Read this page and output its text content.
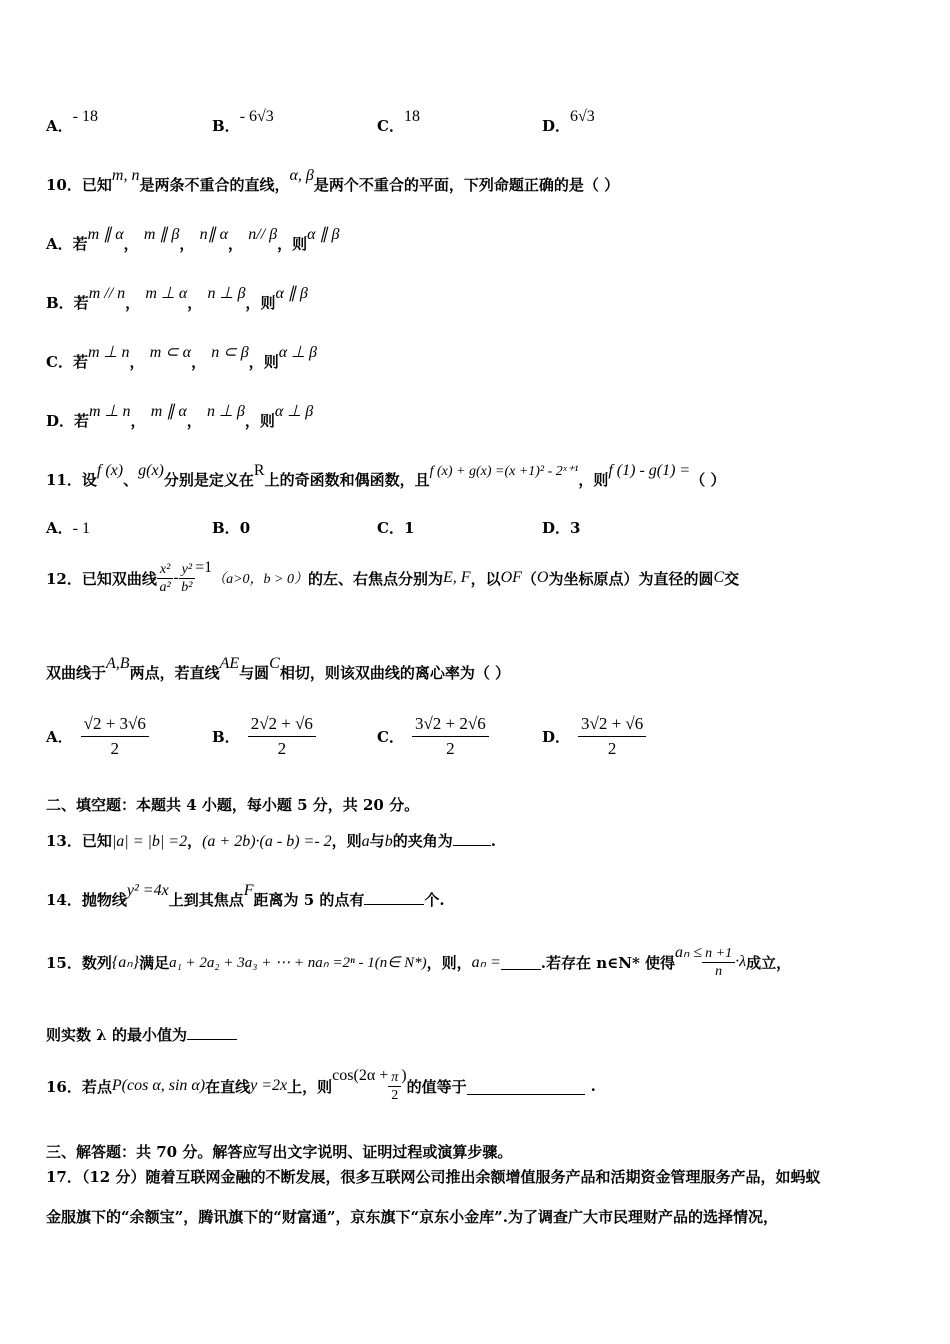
A．- 18
B．- 6√3
C．18
D．6√3
10．已知m, n是两条不重合的直线，α, β是两个不重合的平面，下列命题正确的是（ ）
A．若m ∥ α， m ∥ β， n∥ α， n// β，则α ∥ β
B．若m // n， m ⊥ α， n ⊥ β，则α ∥ β
C．若m ⊥ n， m ⊂ α， n ⊂ β，则α ⊥ β
D．若m ⊥ n， m ∥ α， n ⊥ β，则α ⊥ β
11．设f (x)、g(x)分别是定义在R上的奇函数和偶函数，且f (x) + g(x) =(x +1)² - 2ˣ⁺¹，则f (1) - g(1) =（ ）
A．- 1	B．0	C．1	D．3
12． 已知双曲线 $\frac{\text{x²}}{\text{a²}} - \frac{\text{y²}}{\text{b²}} =1$
（a>0，b > 0） 的左、右焦点分别为 E, F ，以 OF （ O 为坐标原点）为直径的圆 C 交
双曲线于A,B两点，若直线AE与圆C相切，则该双曲线的离心率为（ ）
A． $\frac{√2 + 3√6}{2}$	B． $\frac{2√2 + √6}{2}$	C． $\frac{3√2 + 2√6}{2}$	D． $\frac{3√2 + √6}{2}$
二、填空题：本题共 4 小题，每小题 5 分，共 20 分。
13．已知|a| = |b| =2，(a + 2b)·(a - b) =- 2，则a与b的夹角为	.
14．抛物线y² =4x上到其焦点F距离为 5 的点有	个.
15． 数列 {aₙ} 满足 a₁ + 2a₂ + 3a₃ + ⋯ + naₙ =2ⁿ - 1(n∈ N*) ，则， aₙ =	.若存在 n∈N* 使得
$a_n \le \frac{n +1}{n} \cdot\lambda$ 成立，
则实数 λ 的最小值为
16． 若点 P(cos α, sin α) 在直线 y =2x 上，则
$\cos(2\alpha + \frac{\pi}{2}$ )
的值等于	.
三、解答题：共 70 分。解答应写出文字说明、证明过程或演算步骤。
17．（12 分）随着互联网金融的不断发展，很多互联网公司推出余额增值服务产品和活期资金管理服务产品，如蚂蚁
金服旗下的“余额宝”，腾讯旗下的“财富通”，京东旗下“京东小金库”.为了调查广大市民理财产品的选择情况，
